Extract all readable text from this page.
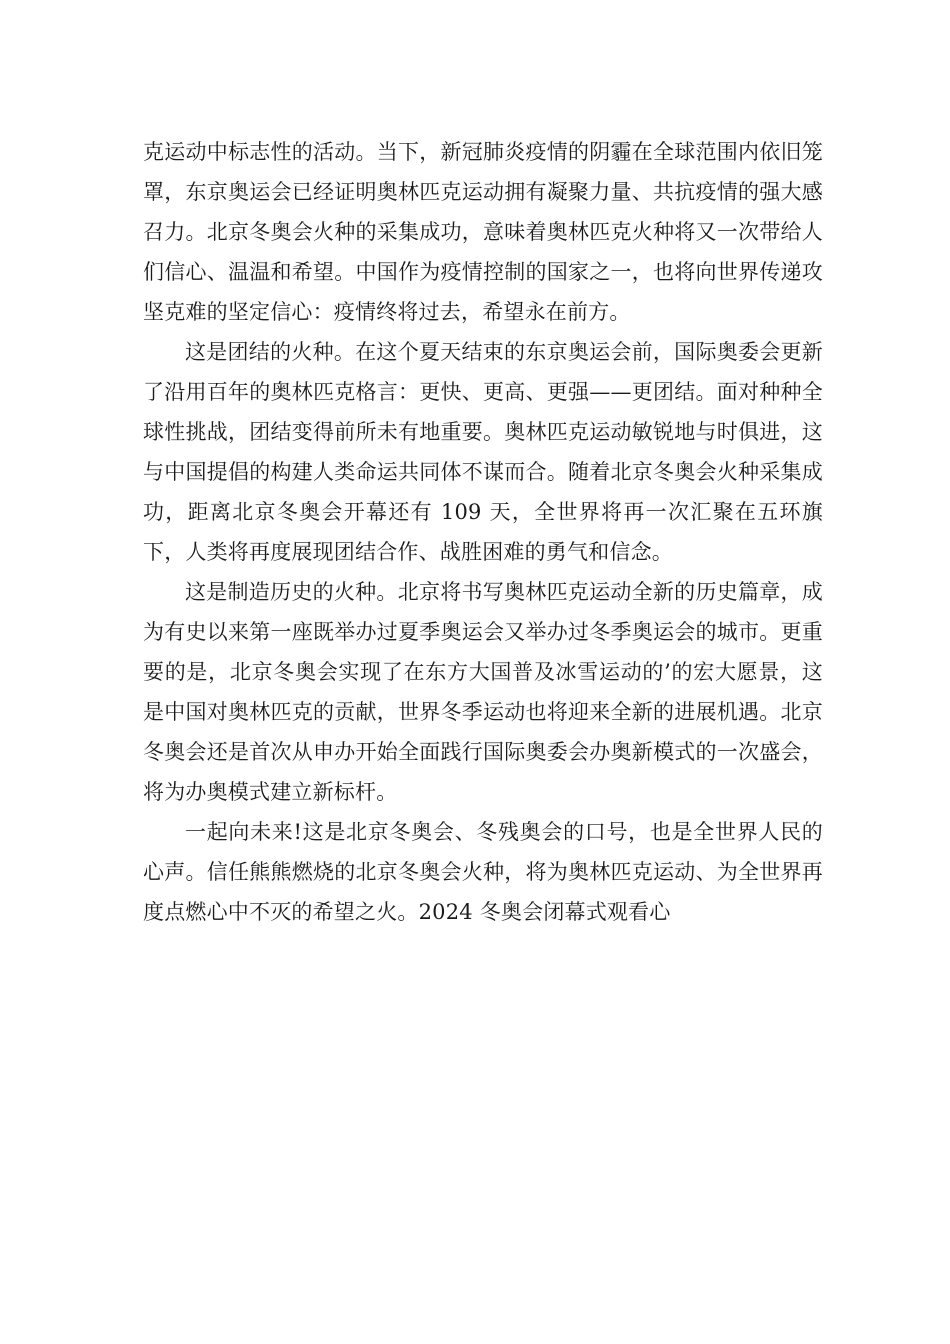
克运动中标志性的活动。当下，新冠肺炎疫情的阴霾在全球范围内依旧笼罩，东京奥运会已经证明奥林匹克运动拥有凝聚力量、共抗疫情的强大感召力。北京冬奥会火种的采集成功，意味着奥林匹克火种将又一次带给人们信心、温温和希望。中国作为疫情控制的国家之一，也将向世界传递攻坚克难的坚定信心：疫情终将过去，希望永在前方。

这是团结的火种。在这个夏天结束的东京奥运会前，国际奥委会更新了沿用百年的奥林匹克格言：更快、更高、更强——更团结。面对种种全球性挑战，团结变得前所未有地重要。奥林匹克运动敏锐地与时俱进，这与中国提倡的构建人类命运共同体不谋而合。随着北京冬奥会火种采集成功，距离北京冬奥会开幕还有 109 天，全世界将再一次汇聚在五环旗下，人类将再度展现团结合作、战胜困难的勇气和信念。

这是制造历史的火种。北京将书写奥林匹克运动全新的历史篇章，成为有史以来第一座既举办过夏季奥运会又举办过冬季奥运会的城市。更重要的是，北京冬奥会实现了在东方大国普及冰雪运动的’的宏大愿景，这是中国对奥林匹克的贡献，世界冬季运动也将迎来全新的进展机遇。北京冬奥会还是首次从申办开始全面践行国际奥委会办奥新模式的一次盛会，将为办奥模式建立新标杆。

一起向未来!这是北京冬奥会、冬残奥会的口号，也是全世界人民的心声。信任熊熊燃烧的北京冬奥会火种，将为奥林匹克运动、为全世界再度点燃心中不灭的希望之火。2024 冬奥会闭幕式观看心
